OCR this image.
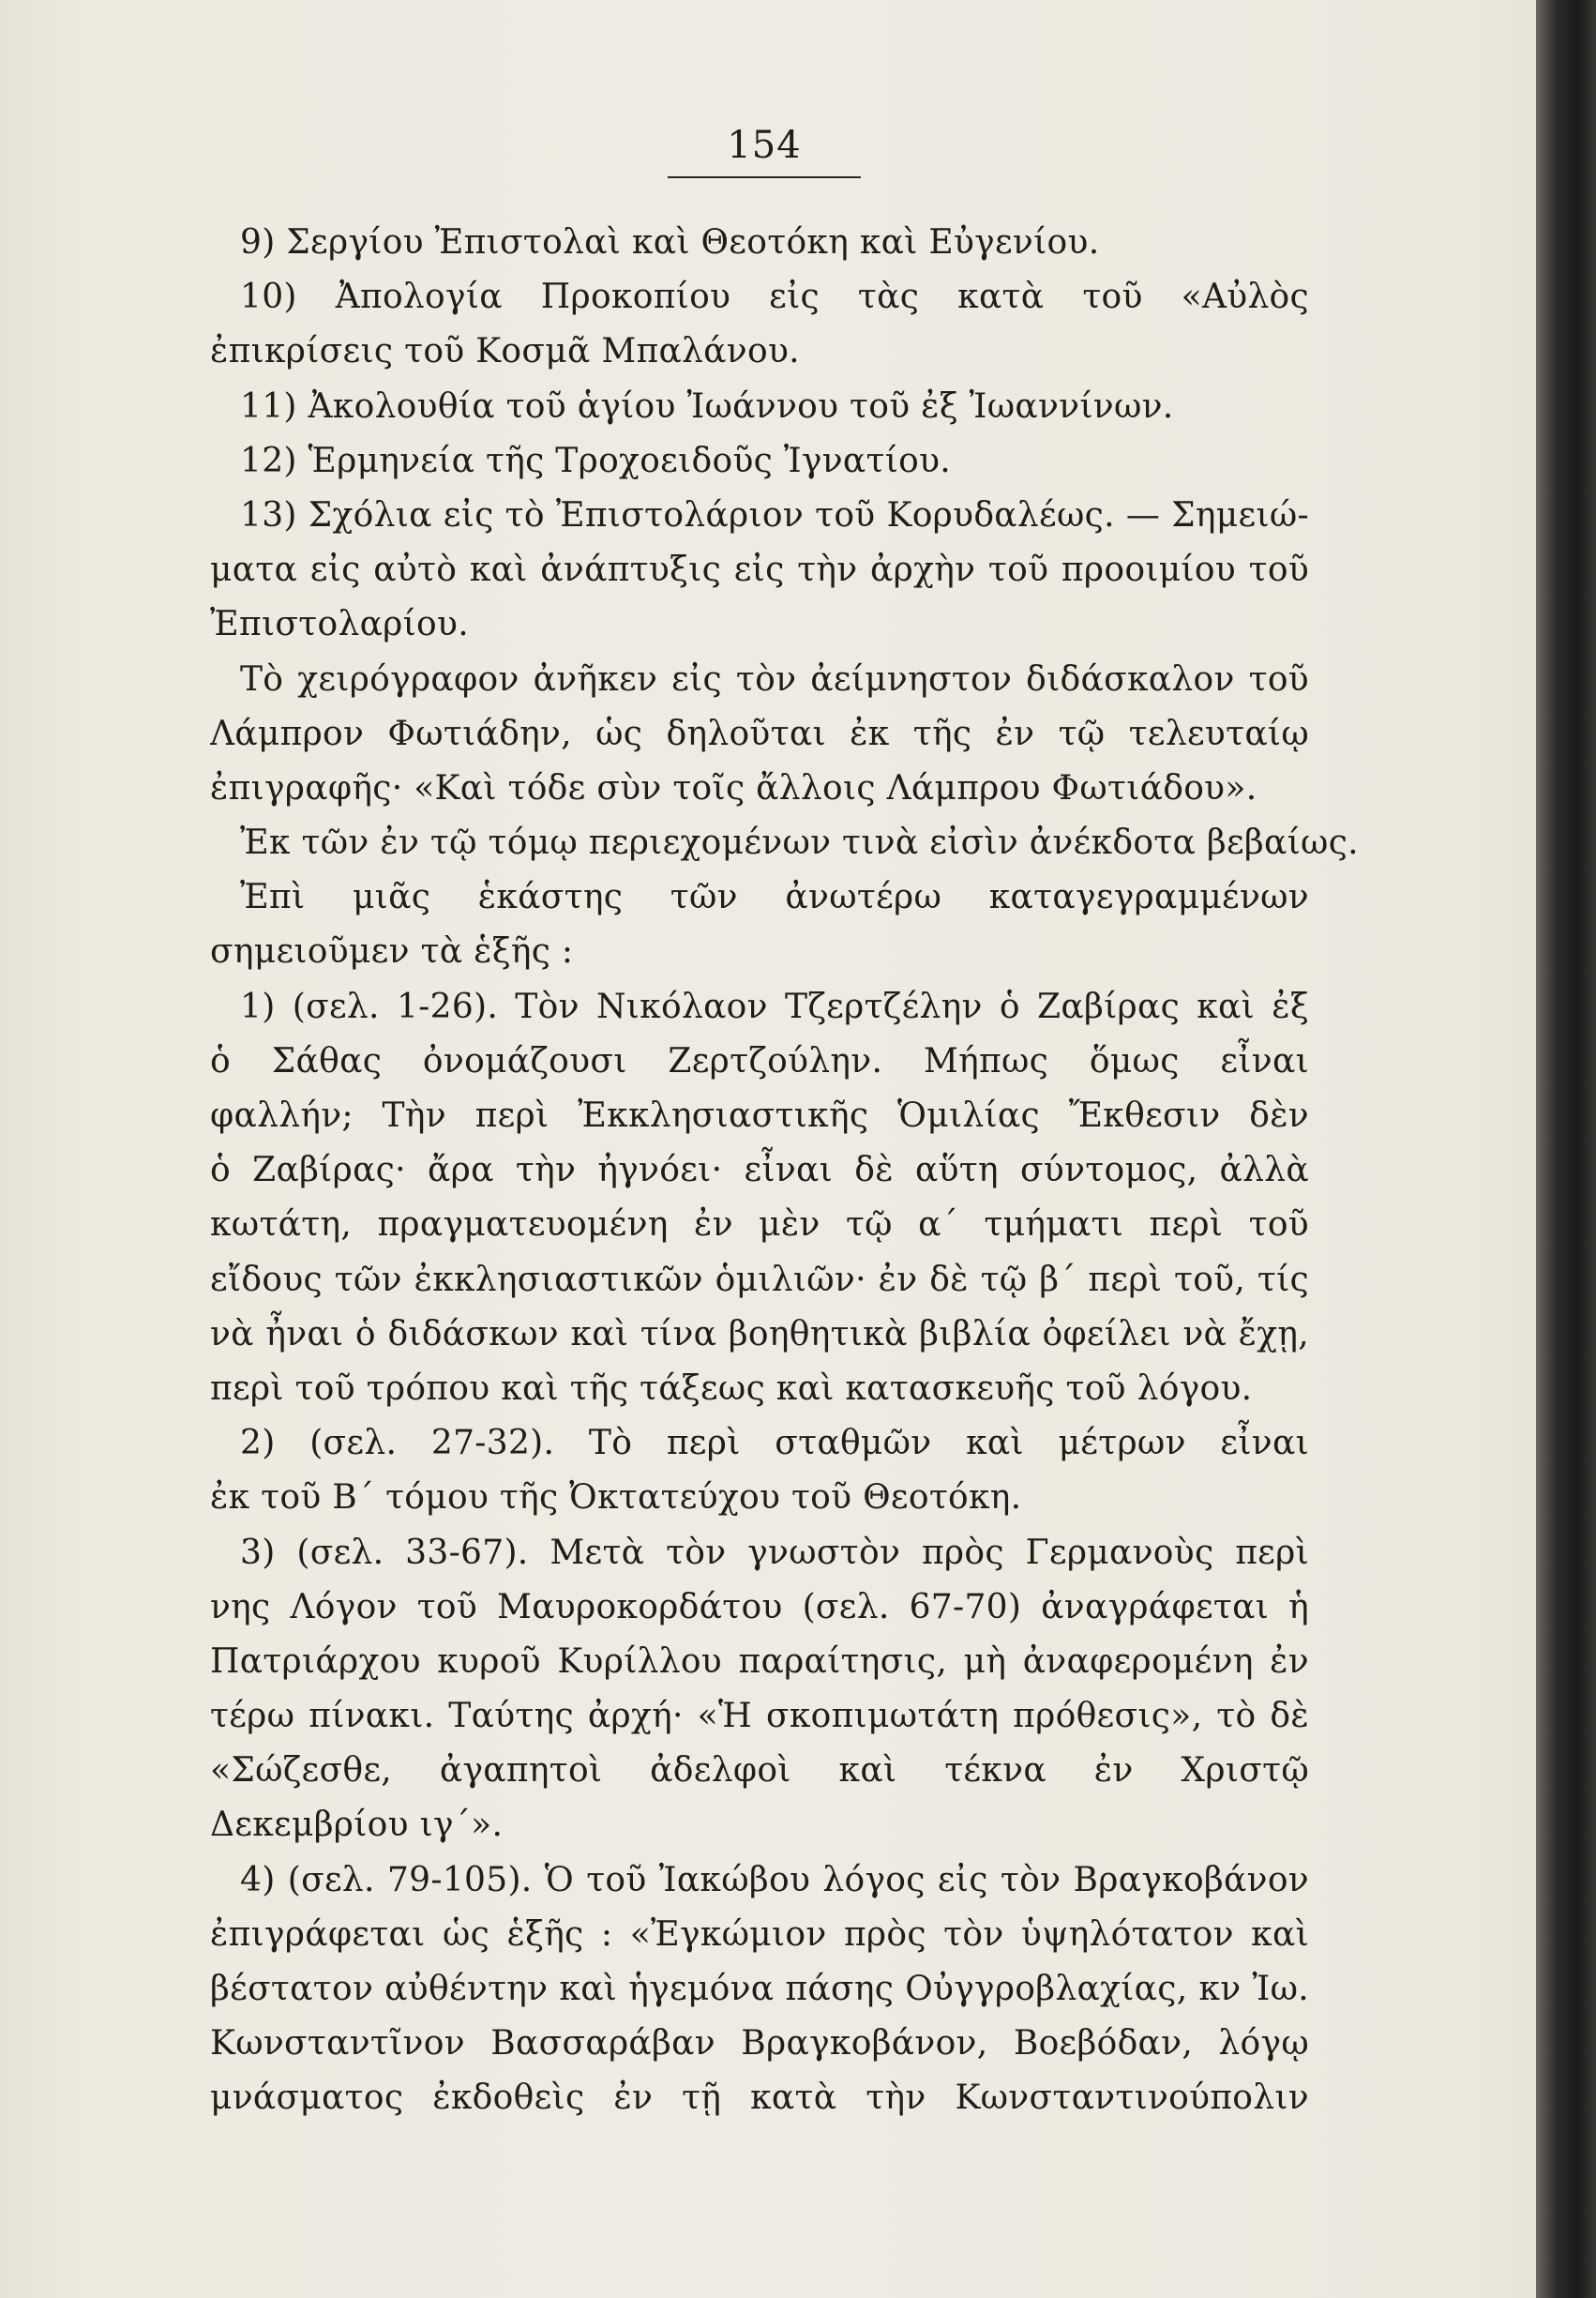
154
9) Σεργίου Ἐπιστολαὶ καὶ Θεοτόκη καὶ Εὐγενίου.
10) Ἀπολογία Προκοπίου εἰς τὰς κατὰ τοῦ «Αὐλὸς
ἐπικρίσεις τοῦ Κοσμᾶ Μπαλάνου.
11) Ἀκολουθία τοῦ ἁγίου Ἰωάννου τοῦ ἐξ Ἰωαννίνων.
12) Ἑρμηνεία τῆς Τροχοειδοῦς Ἰγνατίου.
13) Σχόλια εἰς τὸ Ἐπιστολάριον τοῦ Κορυδαλέως. — Σημειώ-
ματα εἰς αὐτὸ καὶ ἀνάπτυξις εἰς τὴν ἀρχὴν τοῦ προοιμίου τοῦ
Ἐπιστολαρίου.
Τὸ χειρόγραφον ἀνῆκεν εἰς τὸν ἀείμνηστον διδάσκαλον τοῦ
Λάμπρον Φωτιάδην, ὡς δηλοῦται ἐκ τῆς ἐν τῷ τελευταίῳ
ἐπιγραφῆς· «Καὶ τόδε σὺν τοῖς ἄλλοις Λάμπρου Φωτιάδου».
Ἐκ τῶν ἐν τῷ τόμῳ περιεχομένων τινὰ εἰσὶν ἀνέκδοτα βεβαίως.
Ἐπὶ μιᾶς ἑκάστης τῶν ἀνωτέρω καταγεγραμμένων
σημειοῦμεν τὰ ἑξῆς :
1) (σελ. 1-26). Τὸν Νικόλαον Τζερτζέλην ὁ Ζαβίρας καὶ ἐξ
ὁ Σάθας ὀνομάζουσι Ζερτζούλην. Μήπως ὅμως εἶναι
φαλλήν; Τὴν περὶ Ἐκκλησιαστικῆς Ὁμιλίας Ἔκθεσιν δὲν
ὁ Ζαβίρας· ἄρα τὴν ἠγνόει· εἶναι δὲ αὕτη σύντομος, ἀλλὰ
κωτάτη, πραγματευομένη ἐν μὲν τῷ α´ τμήματι περὶ τοῦ
εἴδους τῶν ἐκκλησιαστικῶν ὁμιλιῶν· ἐν δὲ τῷ β´ περὶ τοῦ, τίς
νὰ ἦναι ὁ διδάσκων καὶ τίνα βοηθητικὰ βιβλία ὀφείλει νὰ ἔχῃ,
περὶ τοῦ τρόπου καὶ τῆς τάξεως καὶ κατασκευῆς τοῦ λόγου.
2) (σελ. 27-32). Τὸ περὶ σταθμῶν καὶ μέτρων εἶναι
ἐκ τοῦ Β´ τόμου τῆς Ὀκτατεύχου τοῦ Θεοτόκη.
3) (σελ. 33-67). Μετὰ τὸν γνωστὸν πρὸς Γερμανοὺς περὶ
νης Λόγον τοῦ Μαυροκορδάτου (σελ. 67-70) ἀναγράφεται ἡ
Πατριάρχου κυροῦ Κυρίλλου παραίτησις, μὴ ἀναφερομένη ἐν
τέρω πίνακι. Ταύτης ἀρχή· «Ἡ σκοπιμωτάτη πρόθεσις», τὸ δὲ
«Σώζεσθε, ἀγαπητοὶ ἀδελφοὶ καὶ τέκνα ἐν Χριστῷ
Δεκεμβρίου ιγ´».
4) (σελ. 79-105). Ὁ τοῦ Ἰακώβου λόγος εἰς τὸν Βραγκοβάνον
ἐπιγράφεται ὡς ἑξῆς : «Ἐγκώμιον πρὸς τὸν ὑψηλότατον καὶ
βέστατον αὐθέντην καὶ ἡγεμόνα πάσης Οὐγγροβλαχίας, κν Ἰω.
Κωνσταντῖνον Βασσαράβαν Βραγκοβάνον, Βοεβόδαν, λόγῳ
μνάσματος ἐκδοθεὶς ἐν τῇ κατὰ τὴν Κωνσταντινούπολιν
